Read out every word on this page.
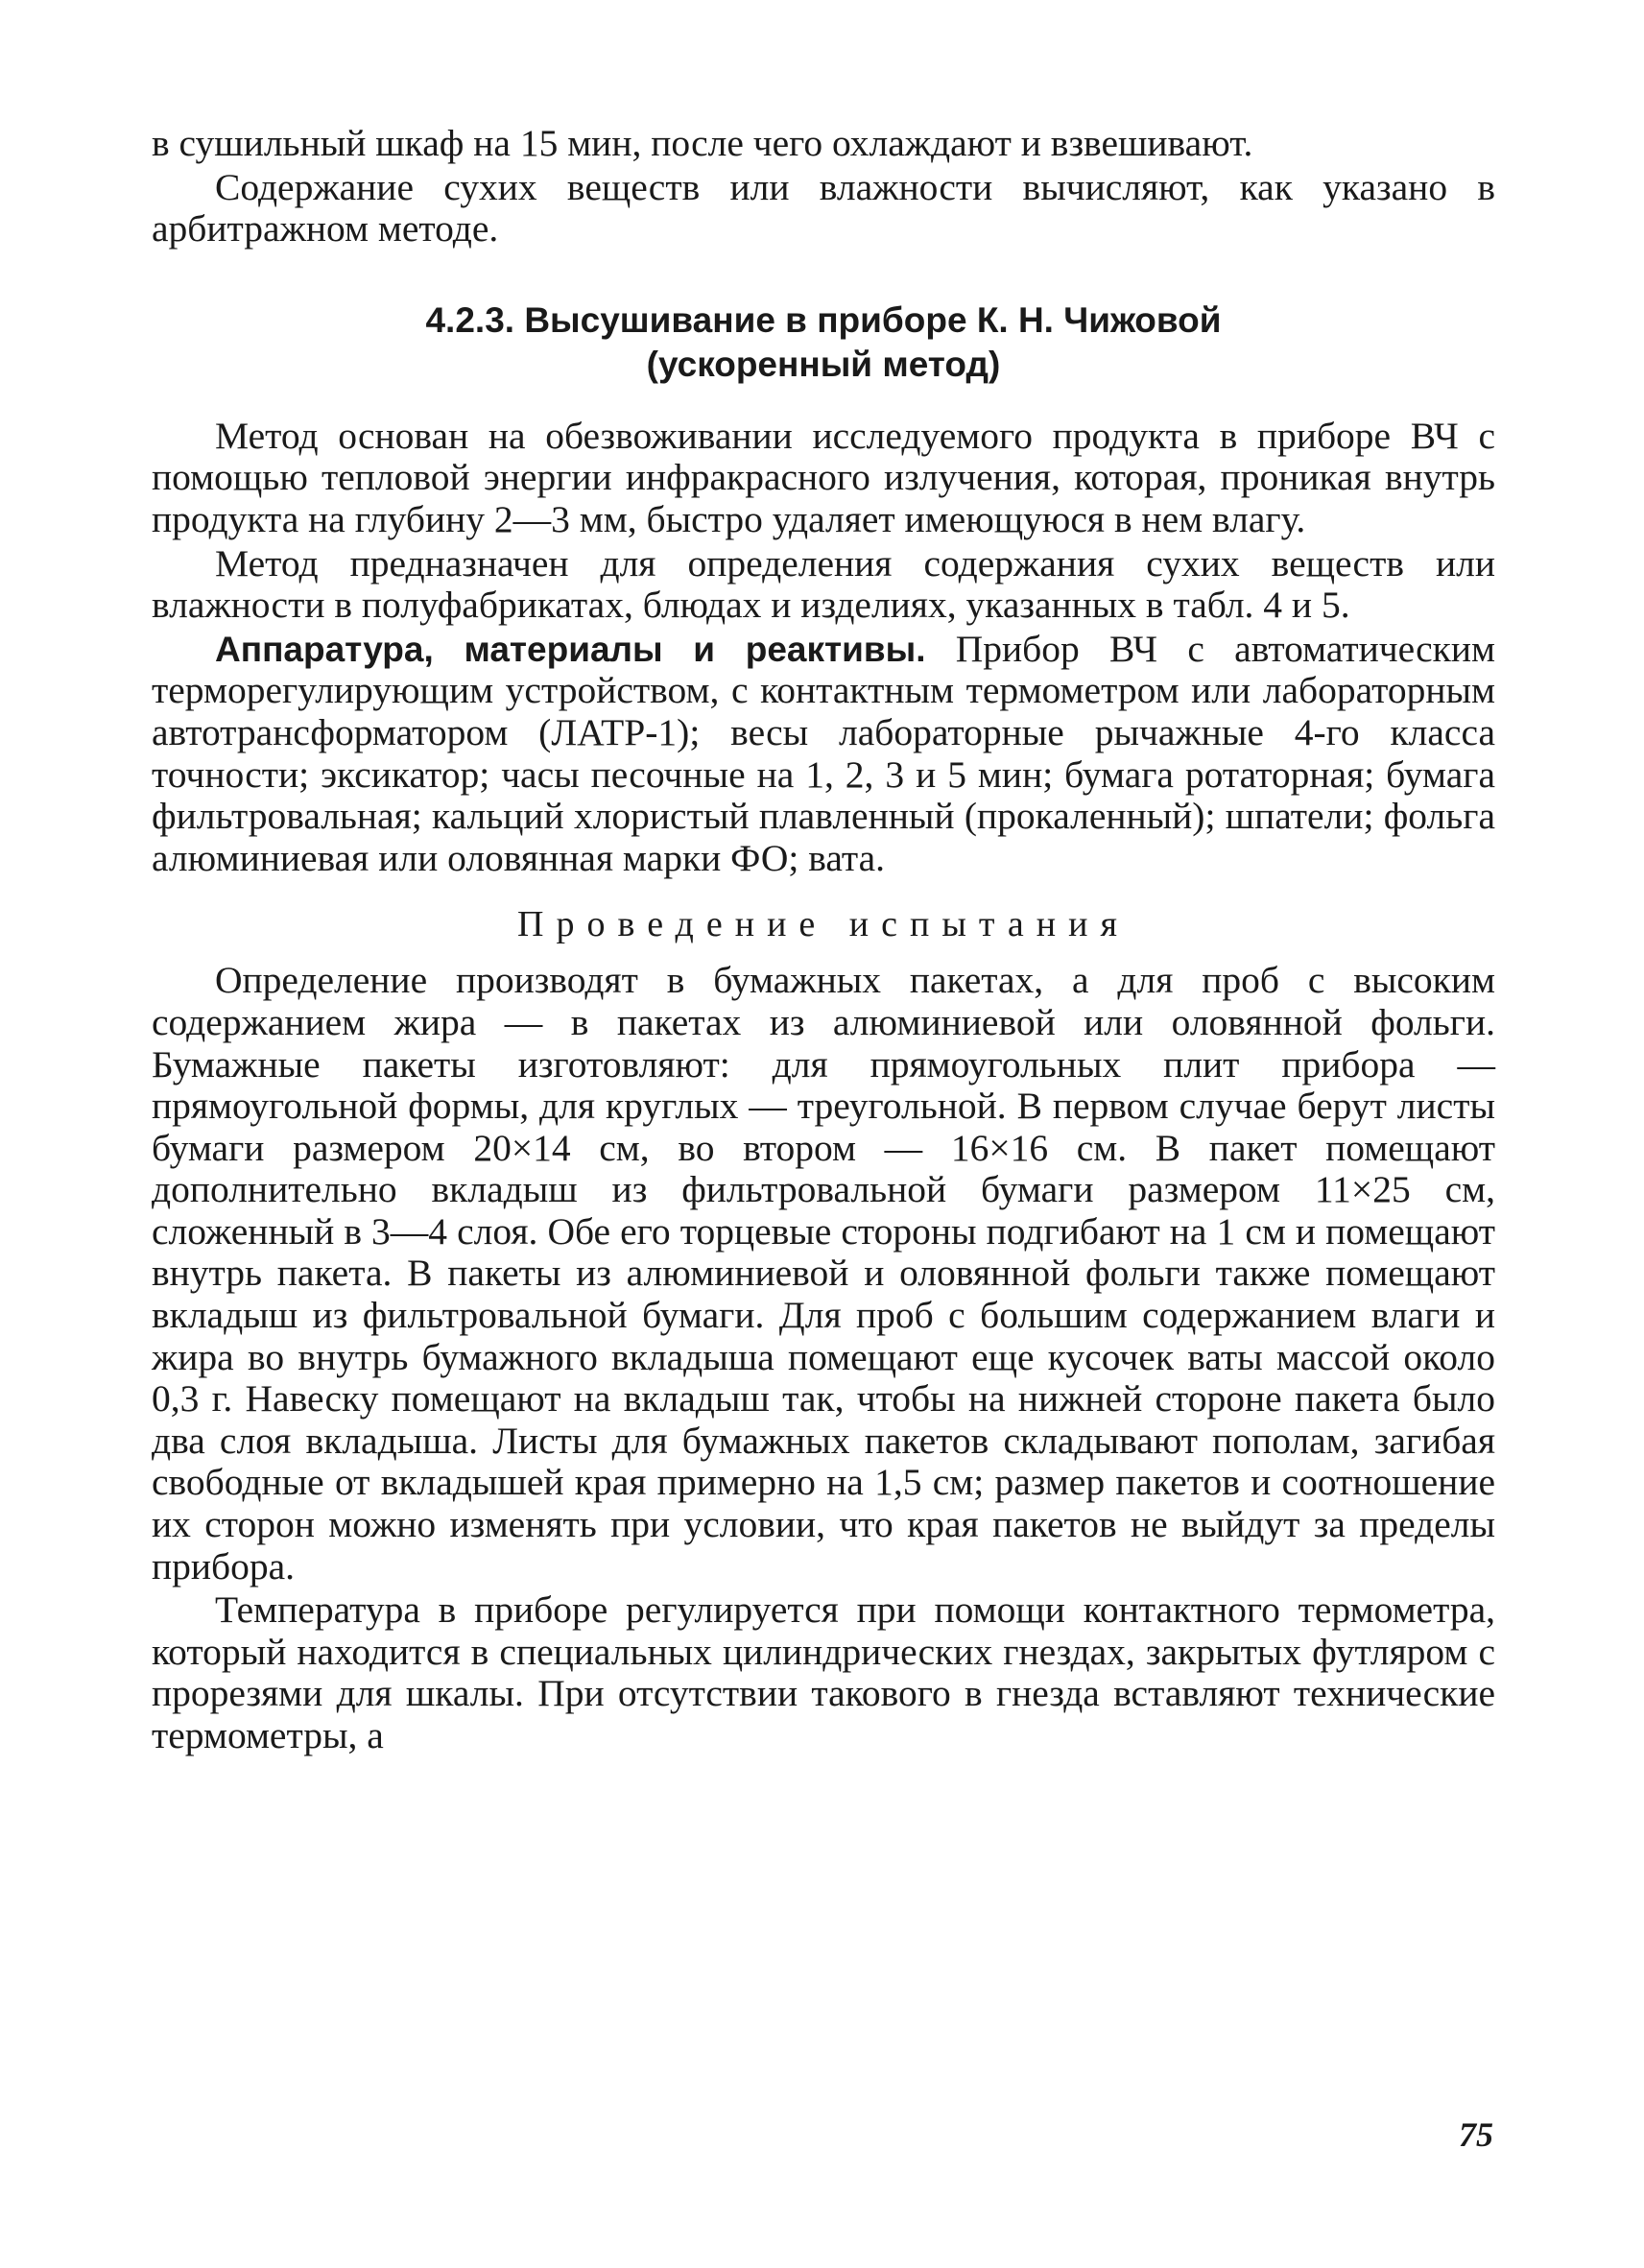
в сушильный шкаф на 15 мин, после чего охлаждают и взвешивают.

Содержание сухих веществ или влажности вычисляют, как указано в арбитражном методе.

4.2.3. Высушивание в приборе К. Н. Чижовой
(ускоренный метод)

Метод основан на обезвоживании исследуемого продукта в приборе ВЧ с помощью тепловой энергии инфракрасного излучения, которая, проникая внутрь продукта на глубину 2—3 мм, быстро удаляет имеющуюся в нем влагу.

Метод предназначен для определения содержания сухих веществ или влажности в полуфабрикатах, блюдах и изделиях, указанных в табл. 4 и 5.

Аппаратура, материалы и реактивы. Прибор ВЧ с автоматическим терморегулирующим устройством, с контактным термометром или лабораторным автотрансформатором (ЛАТР-1); весы лабораторные рычажные 4-го класса точности; эксикатор; часы песочные на 1, 2, 3 и 5 мин; бумага ротаторная; бумага фильтровальная; кальций хлористый плавленный (прокаленный); шпатели; фольга алюминиевая или оловянная марки ФО; вата.

Проведение испытания

Определение производят в бумажных пакетах, а для проб с высоким содержанием жира — в пакетах из алюминиевой или оловянной фольги. Бумажные пакеты изготовляют: для прямоугольных плит прибора — прямоугольной формы, для круглых — треугольной. В первом случае берут листы бумаги размером 20×14 см, во втором — 16×16 см. В пакет помещают дополнительно вкладыш из фильтровальной бумаги размером 11×25 см, сложенный в 3—4 слоя. Обе его торцевые стороны подгибают на 1 см и помещают внутрь пакета. В пакеты из алюминиевой и оловянной фольги также помещают вкладыш из фильтровальной бумаги. Для проб с большим содержанием влаги и жира во внутрь бумажного вкладыша помещают еще кусочек ваты массой около 0,3 г. Навеску помещают на вкладыш так, чтобы на нижней стороне пакета было два слоя вкладыша. Листы для бумажных пакетов складывают пополам, загибая свободные от вкладышей края примерно на 1,5 см; размер пакетов и соотношение их сторон можно изменять при условии, что края пакетов не выйдут за пределы прибора.

Температура в приборе регулируется при помощи контактного термометра, который находится в специальных цилиндрических гнездах, закрытых футляром с прорезями для шкалы. При отсутствии такового в гнезда вставляют технические термометры, а

75
